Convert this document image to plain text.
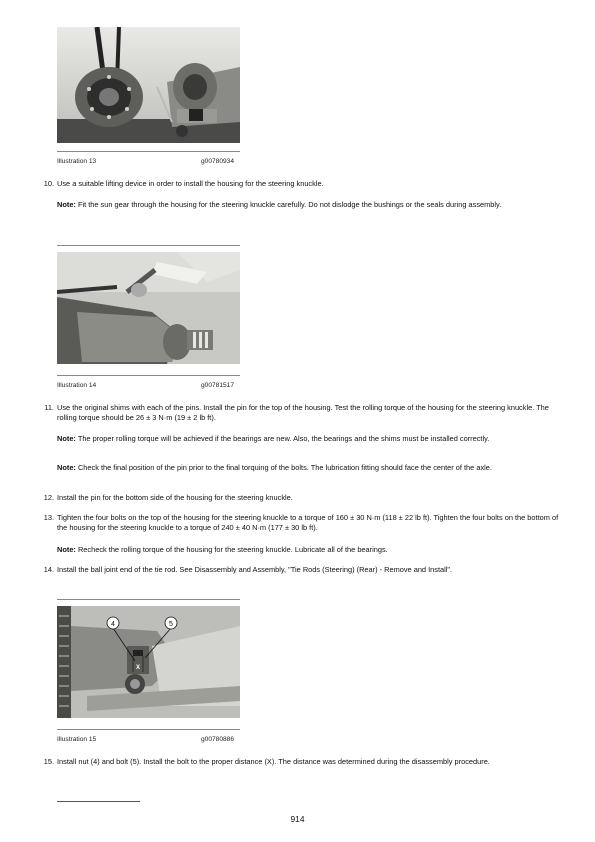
Illustration 13	g00780934
10. Use a suitable lifting device in order to install the housing for the steering knuckle.
Note: Fit the sun gear through the housing for the steering knuckle carefully. Do not dislodge the bushings or the seals during assembly.
Illustration 14	g00781517
11. Use the original shims with each of the pins. Install the pin for the top of the housing. Test the rolling torque of the housing for the steering knuckle. The rolling torque should be 26 ± 3 N·m (19 ± 2 lb ft).
Note: The proper rolling torque will be achieved if the bearings are new. Also, the bearings and the shims must be installed correctly.
Note: Check the final position of the pin prior to the final torquing of the bolts. The lubrication fitting should face the center of the axle.
12. Install the pin for the bottom side of the housing for the steering knuckle.
13. Tighten the four bolts on the top of the housing for the steering knuckle to a torque of 160 ± 30 N·m (118 ± 22 lb ft). Tighten the four bolts on the bottom of the housing for the steering knuckle to a torque of 240 ± 40 N·m (177 ± 30 lb ft).
Note: Recheck the rolling torque of the housing for the steering knuckle. Lubricate all of the bearings.
14. Install the ball joint end of the tie rod. See Disassembly and Assembly, "Tie Rods (Steering) (Rear) - Remove and Install".
4	5
X
Illustration 15	g00780886
15. Install nut (4) and bolt (5). Install the bolt to the proper distance (X). The distance was determined during the disassembly procedure.
914
